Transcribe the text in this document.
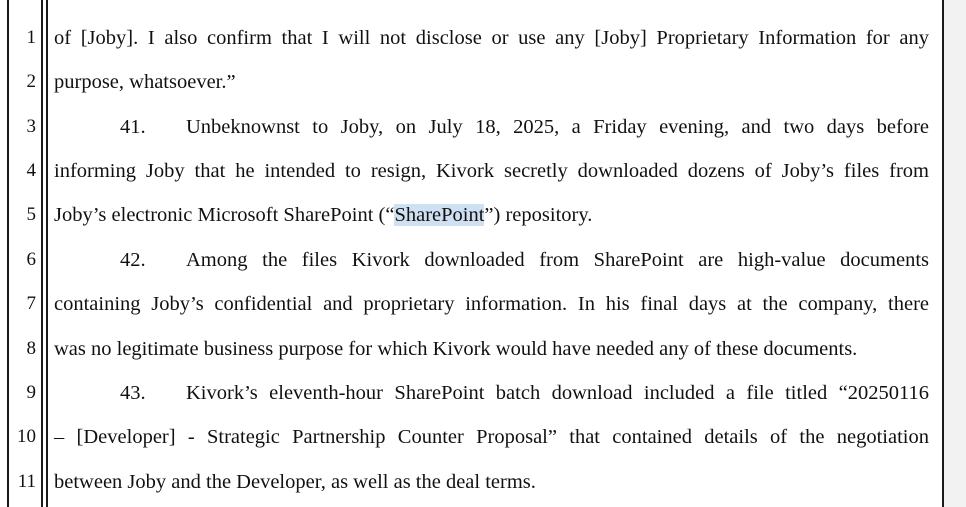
1
2
3
4
5
6
7
8
9
10
11
of [Joby]. I also confirm that I will not disclose or use any [Joby] Proprietary Information for any
purpose, whatsoever.”
41. Unbeknownst to Joby, on July 18, 2025, a Friday evening, and two days before
informing Joby that he intended to resign, Kivork secretly downloaded dozens of Joby’s files from
Joby’s electronic Microsoft SharePoint (“SharePoint”) repository.
42. Among the files Kivork downloaded from SharePoint are high-value documents
containing Joby’s confidential and proprietary information. In his final days at the company, there
was no legitimate business purpose for which Kivork would have needed any of these documents.
43. Kivork’s eleventh-hour SharePoint batch download included a file titled “20250116
– [Developer] - Strategic Partnership Counter Proposal” that contained details of the negotiation
between Joby and the Developer, as well as the deal terms.
